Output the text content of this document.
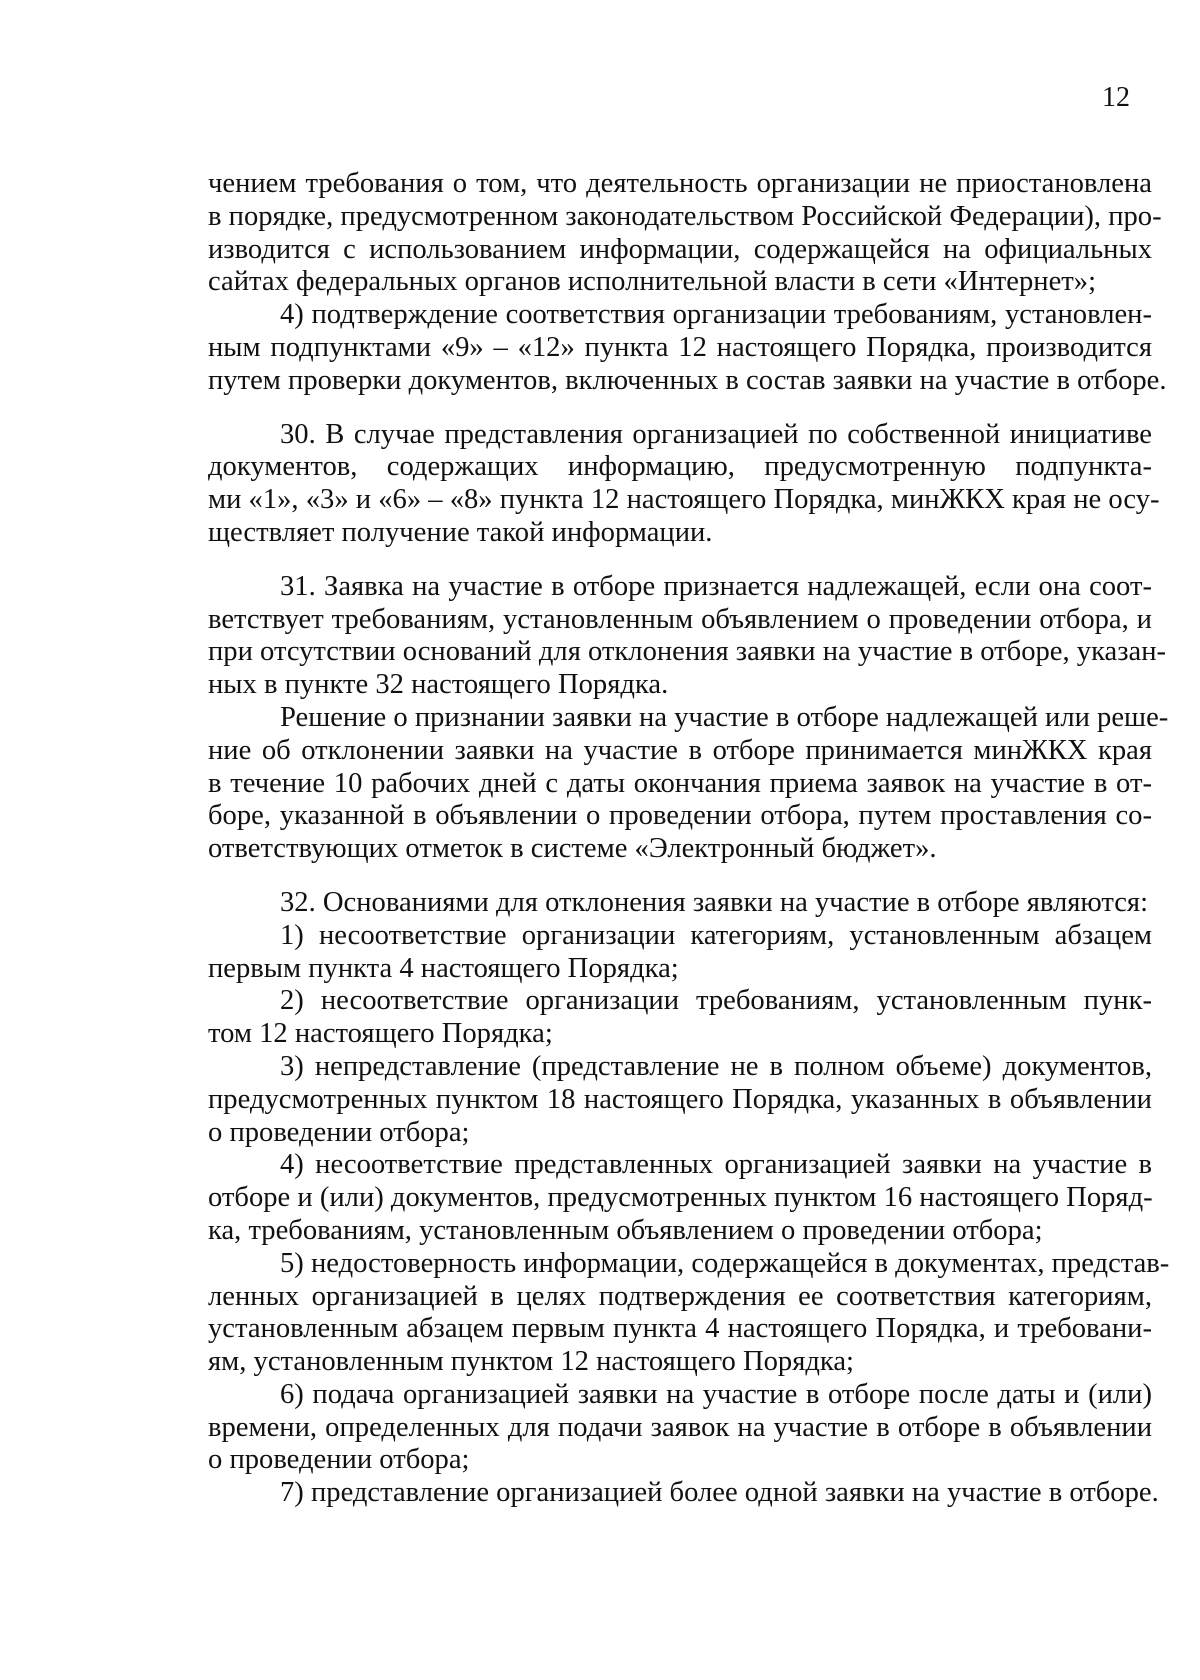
12
чением требования о том, что деятельность организации не приостановлена
в порядке, предусмотренном законодательством Российской Федерации), про-
изводится с использованием информации, содержащейся на официальных
сайтах федеральных органов исполнительной власти в сети «Интернет»;
4) подтверждение соответствия организации требованиям, установлен-
ным подпунктами «9» – «12» пункта 12 настоящего Порядка, производится
путем проверки документов, включенных в состав заявки на участие в отборе.
30. В случае представления организацией по собственной инициативе
документов, содержащих информацию, предусмотренную подпункта-
ми «1», «3» и «6» – «8» пункта 12 настоящего Порядка, минЖКХ края не осу-
ществляет получение такой информации.
31. Заявка на участие в отборе признается надлежащей, если она соот-
ветствует требованиям, установленным объявлением о проведении отбора, и
при отсутствии оснований для отклонения заявки на участие в отборе, указан-
ных в пункте 32 настоящего Порядка.
Решение о признании заявки на участие в отборе надлежащей или реше-
ние об отклонении заявки на участие в отборе принимается минЖКХ края
в течение 10 рабочих дней с даты окончания приема заявок на участие в от-
боре, указанной в объявлении о проведении отбора, путем проставления со-
ответствующих отметок в системе «Электронный бюджет».
32. Основаниями для отклонения заявки на участие в отборе являются:
1) несоответствие организации категориям, установленным абзацем
первым пункта 4 настоящего Порядка;
2) несоответствие организации требованиям, установленным пунк-
том 12 настоящего Порядка;
3) непредставление (представление не в полном объеме) документов,
предусмотренных пунктом 18 настоящего Порядка, указанных в объявлении
о проведении отбора;
4) несоответствие представленных организацией заявки на участие в
отборе и (или) документов, предусмотренных пунктом 16 настоящего Поряд-
ка, требованиям, установленным объявлением о проведении отбора;
5) недостоверность информации, содержащейся в документах, представ-
ленных организацией в целях подтверждения ее соответствия категориям,
установленным абзацем первым пункта 4 настоящего Порядка, и требовани-
ям, установленным пунктом 12 настоящего Порядка;
6) подача организацией заявки на участие в отборе после даты и (или)
времени, определенных для подачи заявок на участие в отборе в объявлении
о проведении отбора;
7) представление организацией более одной заявки на участие в отборе.
